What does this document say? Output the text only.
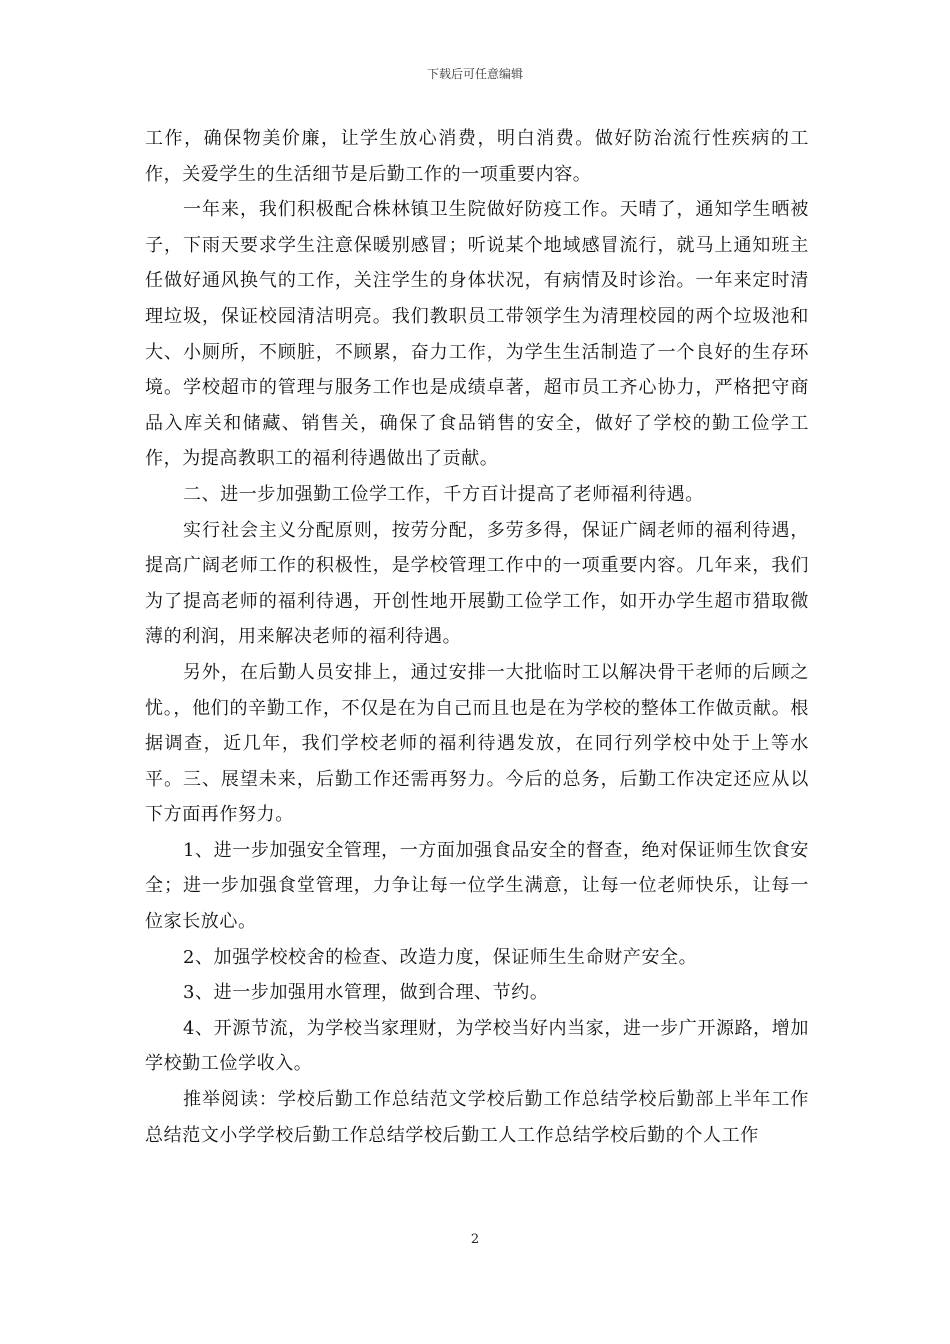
下载后可任意编辑

工作，确保物美价廉，让学生放心消费，明白消费。做好防治流行性疾病的工作，关爱学生的生活细节是后勤工作的一项重要内容。

一年来，我们积极配合株林镇卫生院做好防疫工作。天晴了，通知学生晒被子，下雨天要求学生注意保暖别感冒；听说某个地域感冒流行，就马上通知班主任做好通风换气的工作，关注学生的身体状况，有病情及时诊治。一年来定时清理垃圾，保证校园清洁明亮。我们教职员工带领学生为清理校园的两个垃圾池和大、小厕所，不顾脏，不顾累，奋力工作，为学生生活制造了一个良好的生存环境。学校超市的管理与服务工作也是成绩卓著，超市员工齐心协力，严格把守商品入库关和储藏、销售关，确保了食品销售的安全，做好了学校的勤工俭学工作，为提高教职工的福利待遇做出了贡献。

二、进一步加强勤工俭学工作，千方百计提高了老师福利待遇。

实行社会主义分配原则，按劳分配，多劳多得，保证广阔老师的福利待遇，提高广阔老师工作的积极性，是学校管理工作中的一项重要内容。几年来，我们为了提高老师的福利待遇，开创性地开展勤工俭学工作，如开办学生超市猎取微薄的利润，用来解决老师的福利待遇。

另外，在后勤人员安排上，通过安排一大批临时工以解决骨干老师的后顾之忧。，他们的辛勤工作，不仅是在为自己而且也是在为学校的整体工作做贡献。根据调查，近几年，我们学校老师的福利待遇发放，在同行列学校中处于上等水平。三、展望未来，后勤工作还需再努力。今后的总务，后勤工作决定还应从以下方面再作努力。

1、进一步加强安全管理，一方面加强食品安全的督查，绝对保证师生饮食安全；进一步加强食堂管理，力争让每一位学生满意，让每一位老师快乐，让每一位家长放心。

2、加强学校校舍的检查、改造力度，保证师生生命财产安全。

3、进一步加强用水管理，做到合理、节约。

4、开源节流，为学校当家理财，为学校当好内当家，进一步广开源路，增加学校勤工俭学收入。

推举阅读：学校后勤工作总结范文学校后勤工作总结学校后勤部上半年工作总结范文小学学校后勤工作总结学校后勤工人工作总结学校后勤的个人工作

2
